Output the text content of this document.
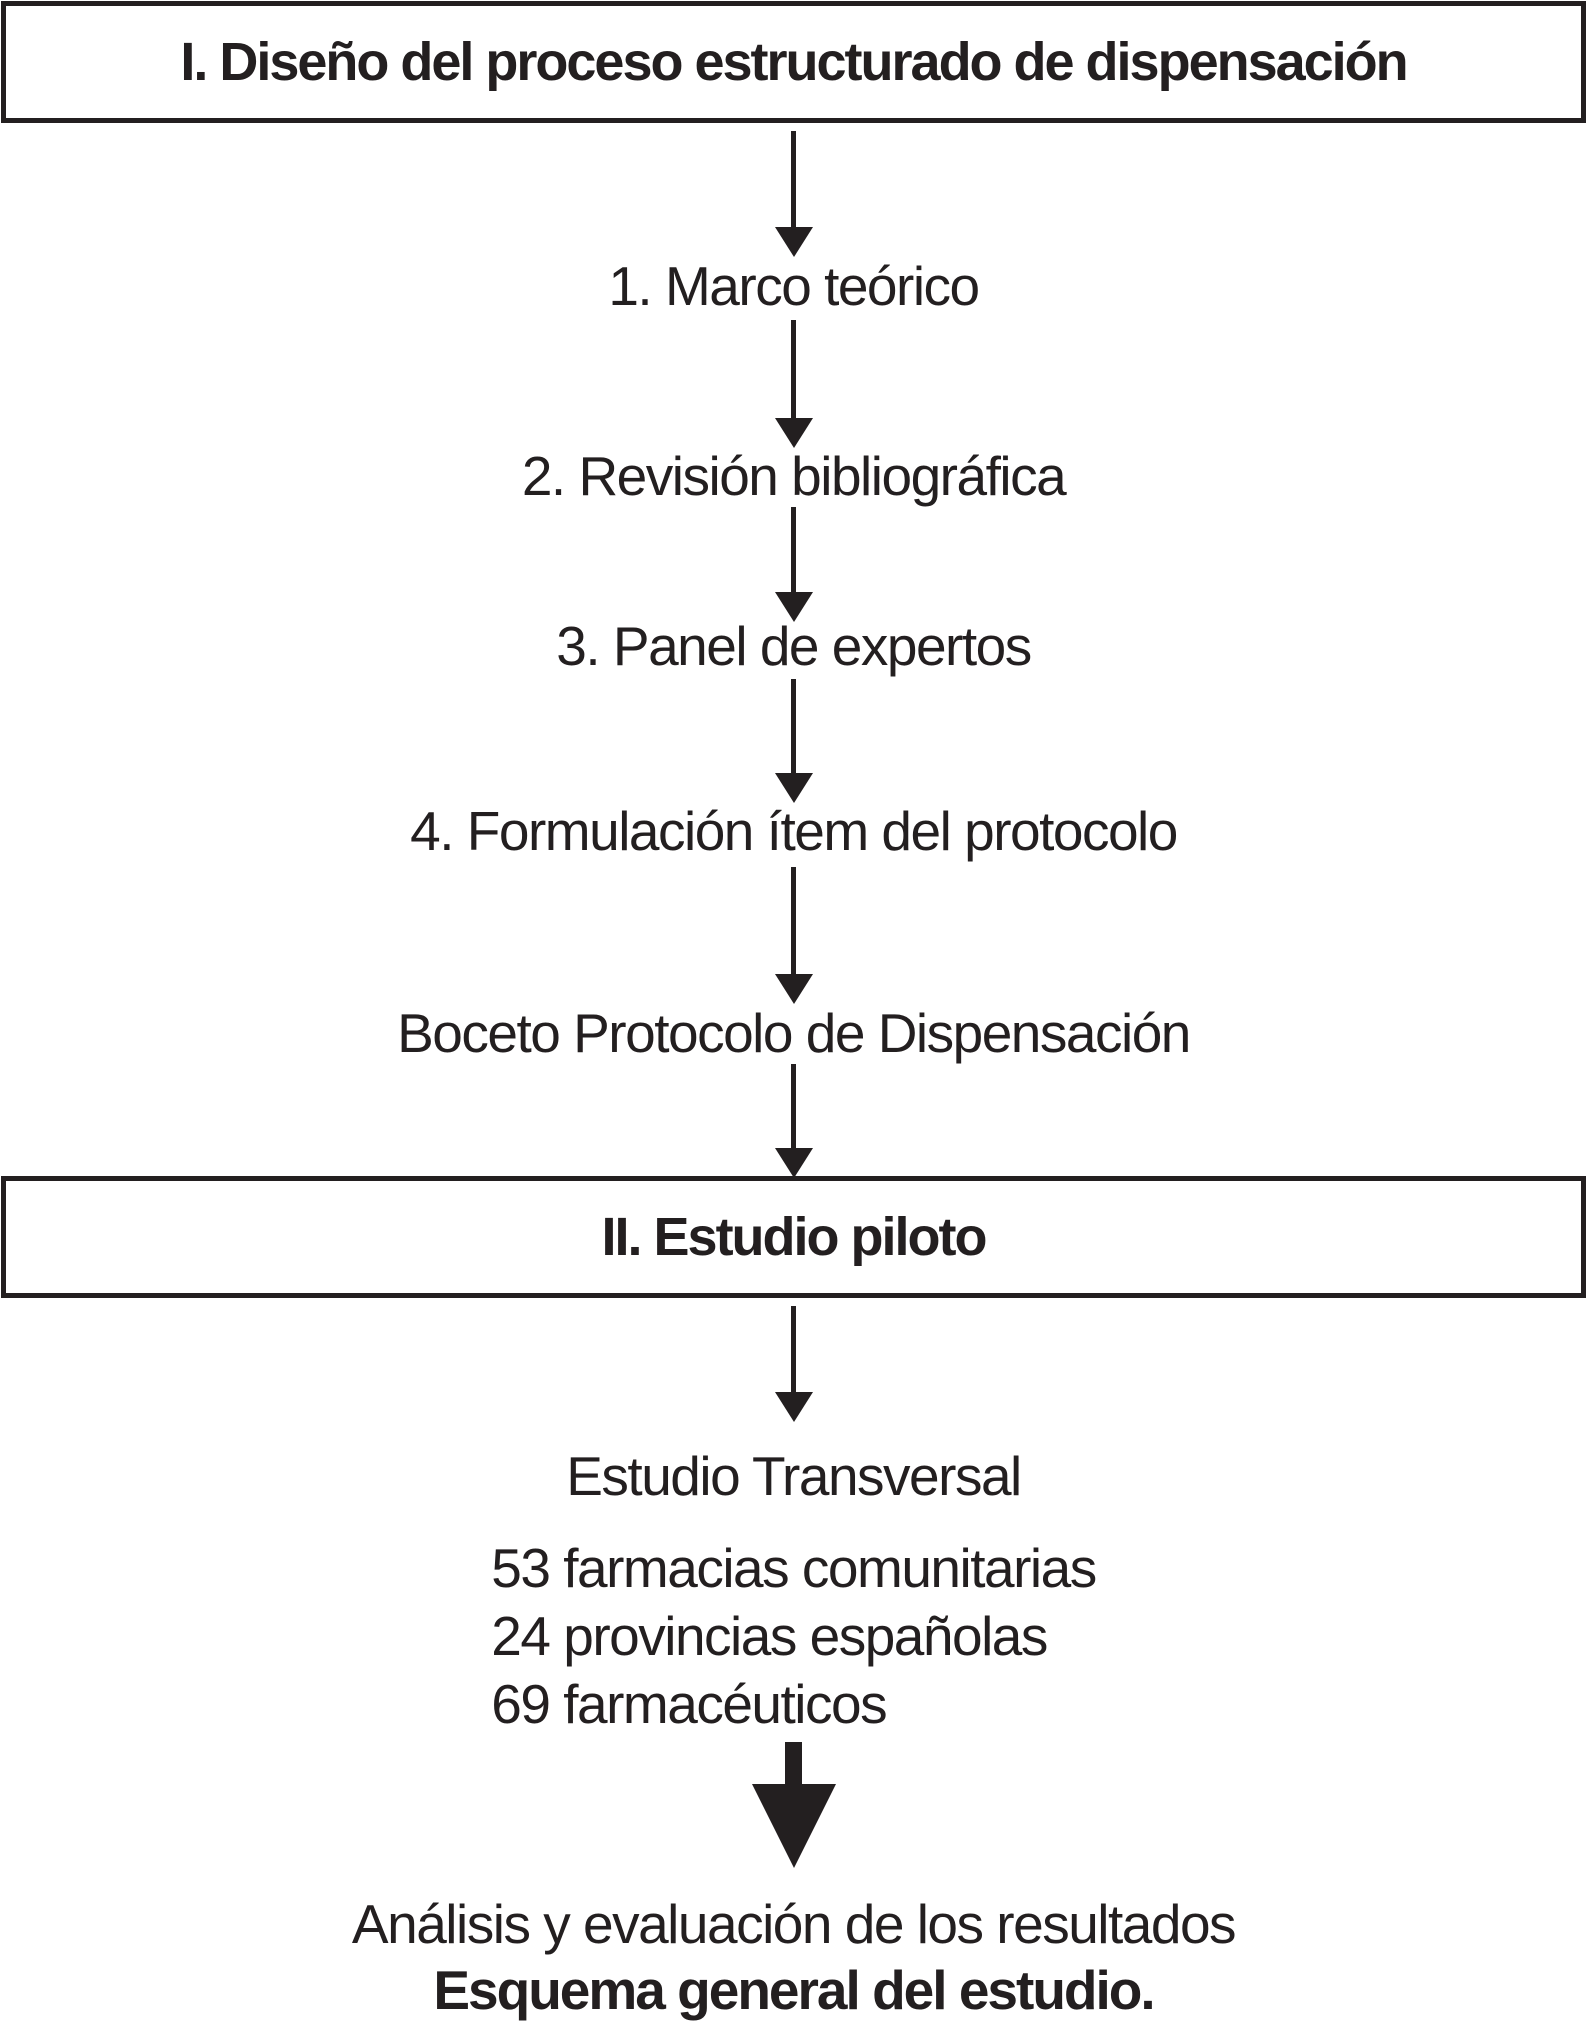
I. Diseño del proceso estructurado de dispensación
1. Marco teórico
2. Revisión bibliográfica
3. Panel de expertos
4. Formulación ítem del protocolo
Boceto Protocolo de Dispensación
II. Estudio piloto
Estudio Transversal
53 farmacias comunitarias
24 provincias españolas
69 farmacéuticos
Análisis y evaluación de los resultados
Esquema general del estudio.
